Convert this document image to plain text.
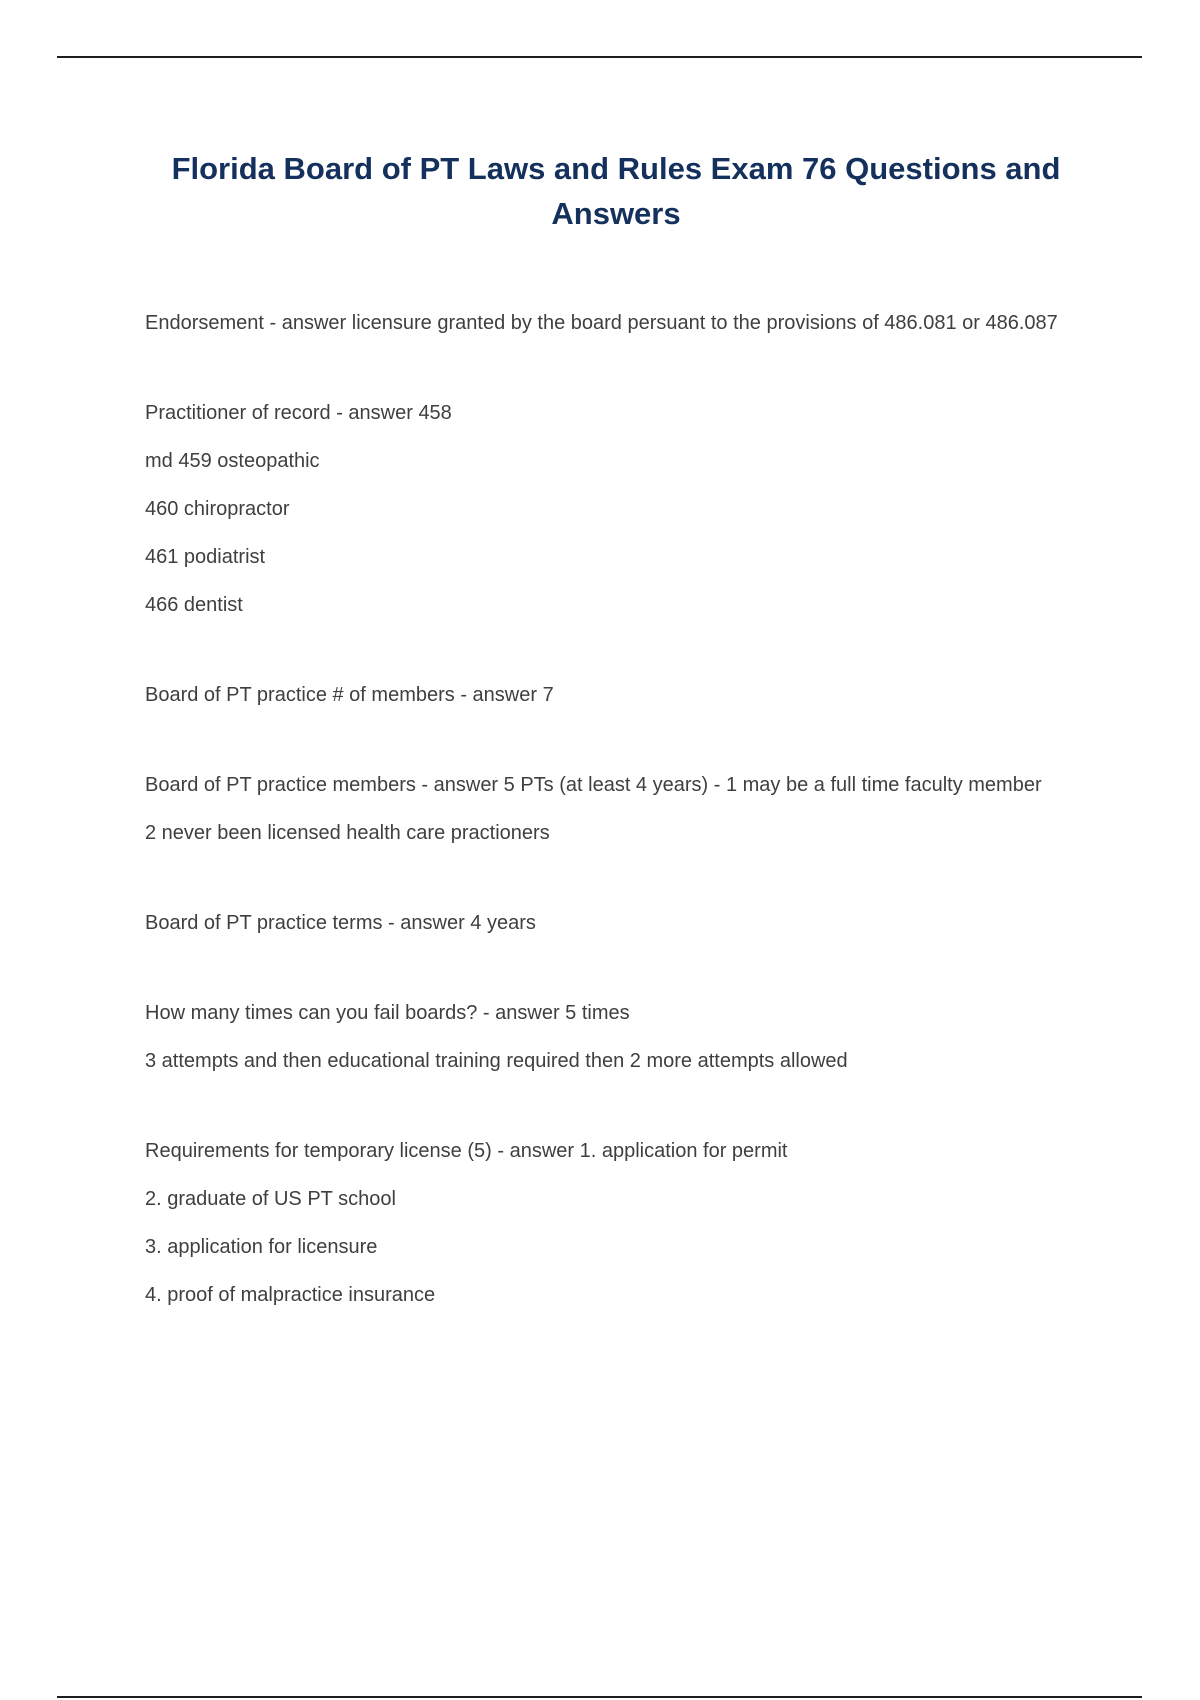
Florida Board of PT Laws and Rules Exam 76 Questions and Answers

Endorsement - answer licensure granted by the board persuant to the provisions of 486.081 or 486.087

Practitioner of record - answer 458

md 459 osteopathic

460 chiropractor

461 podiatrist

466 dentist

Board of PT practice # of members - answer 7

Board of PT practice members - answer 5 PTs (at least 4 years) - 1 may be a full time faculty member

2 never been licensed health care practioners

Board of PT practice terms - answer 4 years

How many times can you fail boards? - answer 5 times

3 attempts and then educational training required then 2 more attempts allowed

Requirements for temporary license (5) - answer 1. application for permit

2. graduate of US PT school

3. application for licensure

4. proof of malpractice insurance
